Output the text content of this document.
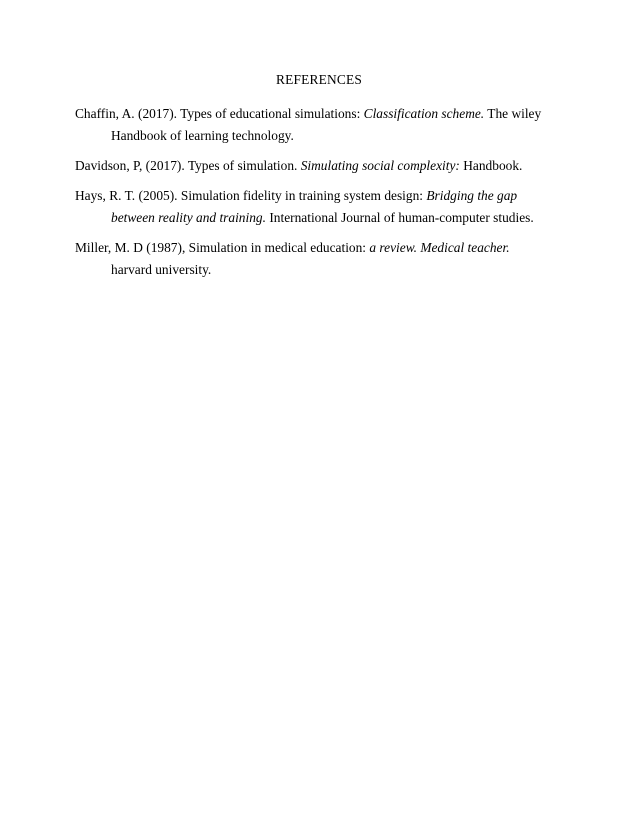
REFERENCES

Chaffin, A. (2017). Types of educational simulations: Classification scheme. The wiley Handbook of learning technology.

Davidson, P, (2017). Types of simulation. Simulating social complexity: Handbook.

Hays, R. T. (2005). Simulation fidelity in training system design: Bridging the gap between reality and training. International Journal of human-computer studies.

Miller, M. D (1987), Simulation in medical education: a review. Medical teacher. harvard university.
